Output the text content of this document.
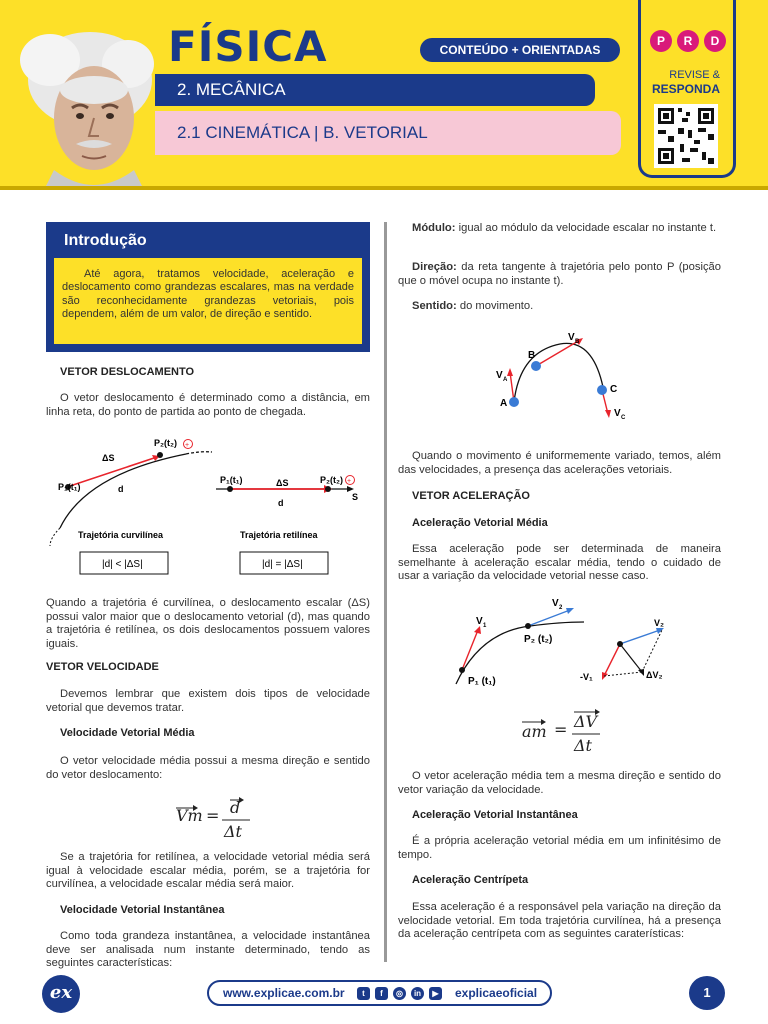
FÍSICA	CONTEÚDO + ORIENTADAS
2. MECÂNICA
2.1 CINEMÁTICA | B. VETORIAL
P	R	D
REVISE &
RESPONDA
Introdução
Até agora, tratamos velocidade, aceleração e deslocamento como grandezas escalares, mas na verdade são reconhecidamente grandezas vetoriais, pois dependem, além de um valor, de direção e sentido.
VETOR DESLOCAMENTO
O vetor deslocamento é determinado como a distância, em linha reta, do ponto de partida ao ponto de chegada.
ΔS
P₂(t₂) +
P₁(t₁)	d
P₁(t₁)	ΔS	P₂(t₂) +
d
S
Trajetória curvilínea	Trajetória retilínea
|d| < |ΔS|	|d| = |ΔS|
Quando a trajetória é curvilínea, o deslocamento escalar (ΔS) possui valor maior que o deslocamento vetorial (d), mas quando a trajetória é retilínea, os dois deslocamentos possuem valores iguais.
VETOR VELOCIDADE
Devemos lembrar que existem dois tipos de velocidade vetorial que devemos tratar.
Velocidade Vetorial Média
O vetor velocidade média possui a mesma direção e sentido do vetor deslocamento:
Vm = d
Δt
Se a trajetória for retilínea, a velocidade vetorial média será igual à velocidade escalar média, porém, se a trajetória for curvilínea, a velocidade escalar média será maior.
Velocidade Vetorial Instantânea
Como toda grandeza instantânea, a velocidade instantânea deve ser analisada num instante determinado, tendo as seguintes características:
Módulo: igual ao módulo da velocidade escalar no instante t.
Direção: da reta tangente à trajetória pelo ponto P (posição que o móvel ocupa no instante t).
Sentido: do movimento.
A
B
C
V A
V B
V C
Quando o movimento é uniformemente variado, temos, além das velocidades, a presença das acelerações vetoriais.
VETOR ACELERAÇÃO
Aceleração Vetorial Média
Essa aceleração pode ser determinada de maneira semelhante à aceleração escalar média, tendo o cuidado de usar a variação da velocidade vetorial nesse caso.
V 1
V 2
P₂ (t₂)
P₁ (t₁)
V₂
-V₁	ΔV₂
am = ΔV
Δt
O vetor aceleração média tem a mesma direção e sentido do vetor variação da velocidade.
Aceleração Vetorial Instantânea
É a própria aceleração vetorial média em um infinitésimo de tempo.
Aceleração Centrípeta
Essa aceleração é a responsável pela variação na direção da velocidade vetorial. Em toda trajetória curvilínea, há a presença da aceleração centrípeta com as seguintes caraterísticas:
ex	www.explicae.com.br	t	f	◎	in	▶ explicaeoficial	1
